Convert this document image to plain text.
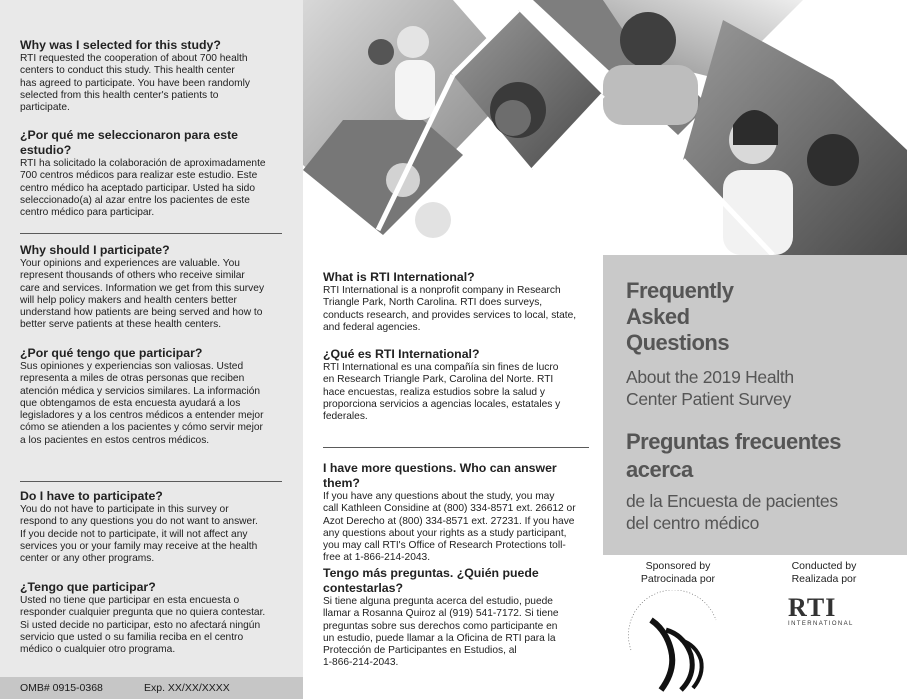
Why was I selected for this study?

RTI requested the cooperation of about 700 health
centers to conduct this study. This health center
has agreed to participate. You have been randomly
selected from this health center's patients to
participate.

¿Por qué me seleccionaron para este estudio?

RTI ha solicitado la colaboración de aproximadamente
700 centros médicos para realizar este estudio. Este
centro médico ha aceptado participar. Usted ha sido
seleccionado(a) al azar entre los pacientes de este
centro médico para participar.

Why should I participate?

Your opinions and experiences are valuable. You
represent thousands of others who receive similar
care and services. Information we get from this survey
will help policy makers and health centers better
understand how patients are being served and how to
better serve patients at these health centers.

¿Por qué tengo que participar?

Sus opiniones y experiencias son valiosas. Usted
representa a miles de otras personas que reciben
atención médica y servicios similares. La información
que obtengamos de esta encuesta ayudará a los
legisladores y a los centros médicos a entender mejor
cómo se atienden a los pacientes y cómo servir mejor
a los pacientes en estos centros médicos.

Do I have to participate?

You do not have to participate in this survey or
respond to any questions you do not want to answer.
If you decide not to participate, it will not affect any
services you or your family may receive at the health
center or any other programs.

¿Tengo que participar?

Usted no tiene que participar en esta encuesta o
responder cualquier pregunta que no quiera contestar.
Si usted decide no participar, esto no afectará ningún
servicio que usted o su familia reciba en el centro
médico o cualquier otro programa.

OMB# 0915-0368	Exp. XX/XX/XXXX
What is RTI International?

RTI International is a nonprofit company in Research
Triangle Park, North Carolina. RTI does surveys,
conducts research, and provides services to local, state,
and federal agencies.

¿Qué es RTI International?

RTI International es una compañía sin fines de lucro
en Research Triangle Park, Carolina del Norte. RTI
hace encuestas, realiza estudios sobre la salud y
proporciona servicios a agencias locales, estatales y
federales.

I have more questions. Who can answer them?

If you have any questions about the study, you may
call Kathleen Considine at (800) 334-8571 ext. 26612 or
Azot Derecho at (800) 334-8571 ext. 27231. If you have
any questions about your rights as a study participant,
you may call RTI's Office of Research Protections toll-
free at 1-866-214-2043.

Tengo más preguntas. ¿Quién puede
contestarlas?

Si tiene alguna pregunta acerca del estudio, puede
llamar a Rosanna Quiroz al (919) 541-7172. Si tiene
preguntas sobre sus derechos como participante en
un estudio, puede llamar a la Oficina de RTI para la
Protección de Participantes en Estudios, al
1-866-214-2043.

Frequently
Asked
Questions
About the 2019 Health
Center Patient Survey
Preguntas frecuentes
acerca
de la Encuesta de pacientes
del centro médico
Sponsored by
Patrocinada por
Conducted by
Realizada por
RTI
INTERNATIONAL
